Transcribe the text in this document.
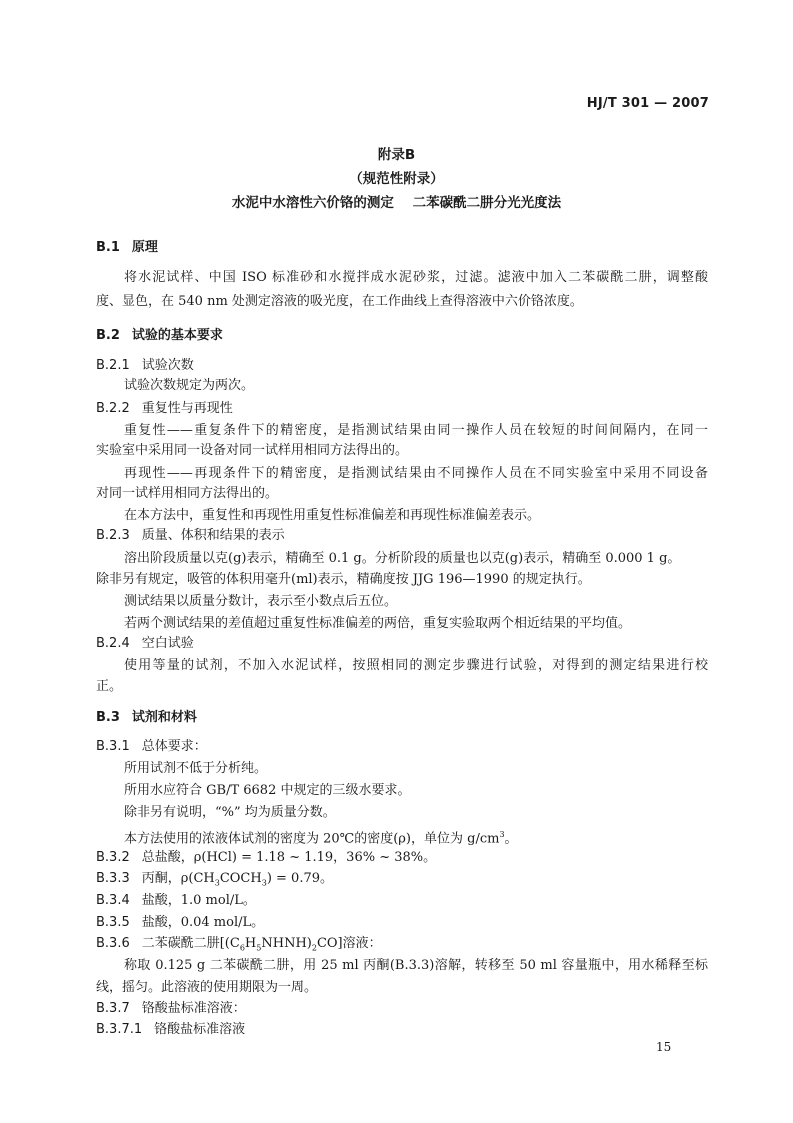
HJ/T 301 — 2007
附录B
（规范性附录）
水泥中水溶性六价铬的测定    二苯碳酰二肼分光光度法
B.1 原理
将水泥试样、中国 ISO 标准砂和水搅拌成水泥砂浆，过滤。滤液中加入二苯碳酰二肼，调整酸
度、显色，在 540 nm 处测定溶液的吸光度，在工作曲线上查得溶液中六价铬浓度。
B.2 试验的基本要求
B.2.1 试验次数
试验次数规定为两次。
B.2.2 重复性与再现性
重复性——重复条件下的精密度，是指测试结果由同一操作人员在较短的时间间隔内，在同一
实验室中采用同一设备对同一试样用相同方法得出的。
再现性——再现条件下的精密度，是指测试结果由不同操作人员在不同实验室中采用不同设备
对同一试样用相同方法得出的。
在本方法中，重复性和再现性用重复性标准偏差和再现性标准偏差表示。
B.2.3 质量、体积和结果的表示
溶出阶段质量以克(g)表示，精确至 0.1 g。分析阶段的质量也以克(g)表示，精确至 0.000 1 g。
除非另有规定，吸管的体积用毫升(ml)表示，精确度按 JJG 196—1990 的规定执行。
测试结果以质量分数计，表示至小数点后五位。
若两个测试结果的差值超过重复性标准偏差的两倍，重复实验取两个相近结果的平均值。
B.2.4 空白试验
使用等量的试剂，不加入水泥试样，按照相同的测定步骤进行试验，对得到的测定结果进行校
正。
B.3 试剂和材料
B.3.1 总体要求：
所用试剂不低于分析纯。
所用水应符合 GB/T 6682 中规定的三级水要求。
除非另有说明，“%” 均为质量分数。
本方法使用的浓液体试剂的密度为 20℃的密度(ρ)，单位为 $g/cm^3$。
B.3.2 总盐酸，ρ(HCl) = 1.18 ~ 1.19，36% ~ 38%。
B.3.3 丙酮，$\rho(CH_3COCH_3) = 0.79$。
B.3.4 盐酸，1.0 mol/L。
B.3.5 盐酸，0.04 mol/L。
B.3.6 二苯碳酰二肼$[(C_6H_5NHNH)_2CO]$溶液：
称取 0.125 g 二苯碳酰二肼，用 25 ml 丙酮(B.3.3)溶解，转移至 50 ml 容量瓶中，用水稀释至标
线，摇匀。此溶液的使用期限为一周。
B.3.7 铬酸盐标准溶液：
B.3.7.1 铬酸盐标准溶液
15
